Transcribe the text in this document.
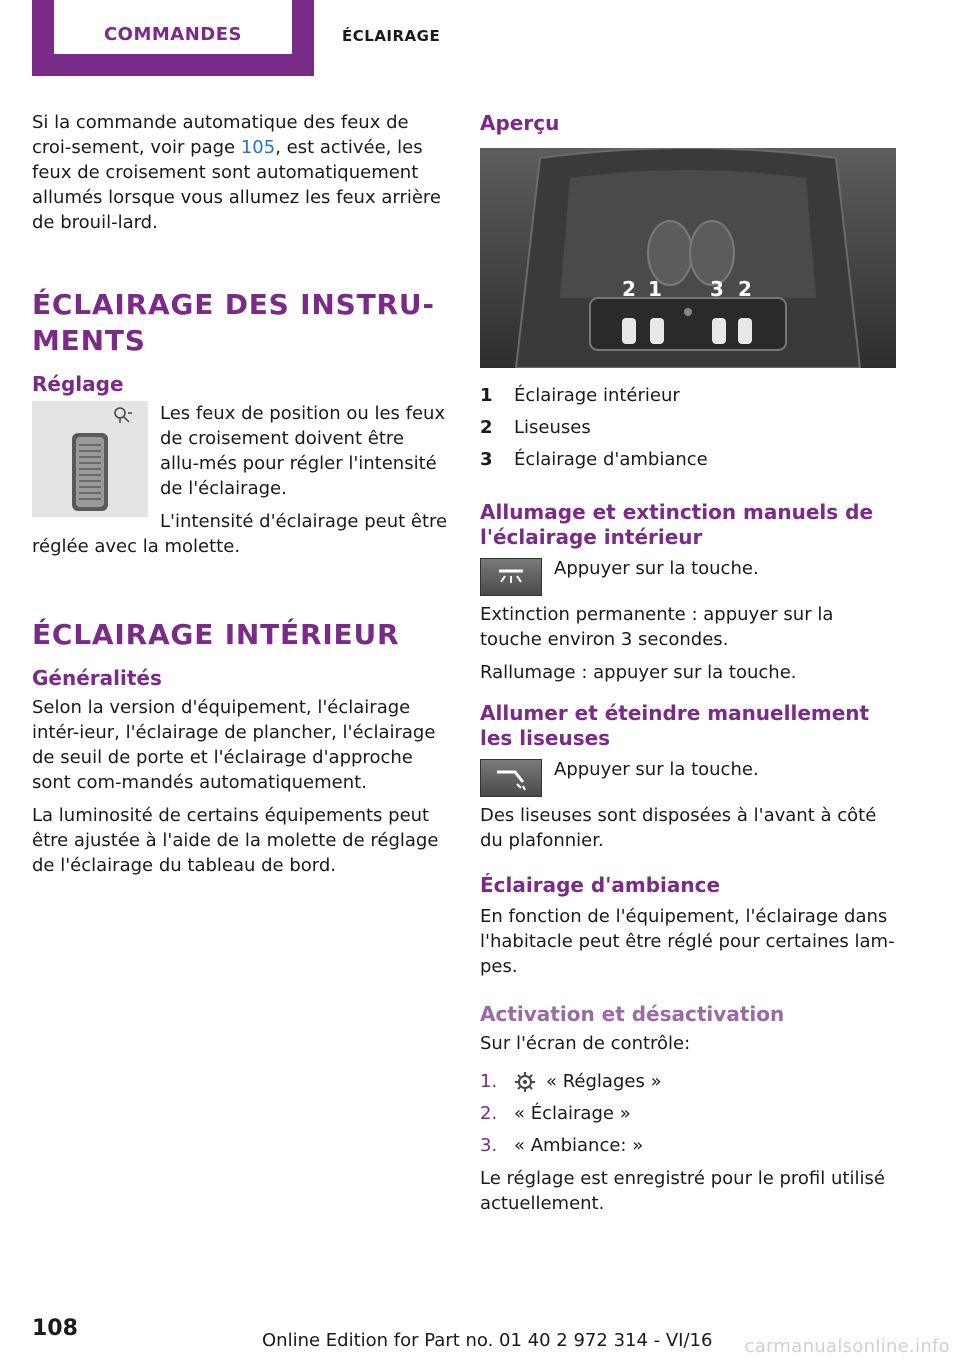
COMMANDES	ÉCLAIRAGE

Si la commande automatique des feux de croi-sement, voir page 105, est activée, les feux de croisement sont automatiquement allumés lorsque vous allumez les feux arrière de brouil-lard.

ÉCLAIRAGE DES INSTRU-MENTS
Réglage

Les feux de position ou les feux de croisement doivent être allu-més pour régler l'intensité de l'éclairage.

L'intensité d'éclairage peut être réglée avec la molette.

ÉCLAIRAGE INTÉRIEUR
Généralités

Selon la version d'équipement, l'éclairage intér-ieur, l'éclairage de plancher, l'éclairage de seuil de porte et l'éclairage d'approche sont com-mandés automatiquement.

La luminosité de certains équipements peut être ajustée à l'aide de la molette de réglage de l'éclairage du tableau de bord.

Aperçu
2 1 3 2
1	Éclairage intérieur
2	Liseuses
3	Éclairage d'ambiance
Allumage et extinction manuels de l'éclairage intérieur

Appuyer sur la touche.

Extinction permanente : appuyer sur la touche environ 3 secondes.

Rallumage : appuyer sur la touche.

Allumer et éteindre manuellement les liseuses

Appuyer sur la touche.

Des liseuses sont disposées à l'avant à côté du plafonnier.

Éclairage d'ambiance

En fonction de l'équipement, l'éclairage dans l'habitacle peut être réglé pour certaines lam-pes.

Activation et désactivation

Sur l'écran de contrôle:

1.	« Réglages »
2. « Éclairage »
3. « Ambiance: »

Le réglage est enregistré pour le profil utilisé actuellement.

108	Online Edition for Part no. 01 40 2 972 314 - VI/16 carmanualsonline.info
